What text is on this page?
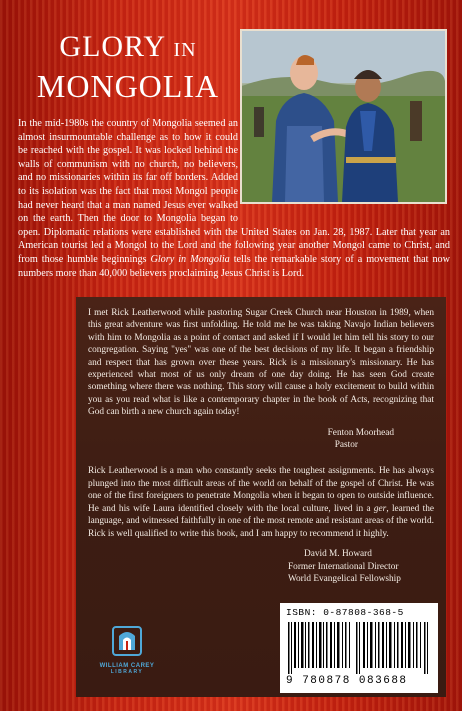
GLORY IN
MONGOLIA
In the mid-1980s the country of Mongolia seemed an almost insurmountable challenge as to how it could be reached with the gospel. It was locked behind the walls of communism with no church, no believers, and no missionaries within its far off borders. Added to its isolation was the fact that most Mongol people had never heard that a man named Jesus ever walked on the earth. Then the door to Mongolia began to open. Diplomatic relations were established with the United States on Jan. 28, 1987. Later that year an American tourist led a Mongol to the Lord and the following year another Mongol came to Christ, and from those humble beginnings Glory in Mongolia tells the remarkable story of a movement that now numbers more than 40,000 believers proclaiming Jesus Christ is Lord.

I met Rick Leatherwood while pastoring Sugar Creek Church near Houston in 1989, when this great adventure was first unfolding. He told me he was taking Navajo Indian believers with him to Mongolia as a point of contact and asked if I would let him tell his story to our congregation. Saying "yes" was one of the best decisions of my life. It began a friendship and respect that has grown over these years. Rick is a missionary's missionary. He has experienced what most of us only dream of one day doing. He has seen God create something where there was nothing. This story will cause a holy excitement to build within you as you read what is like a contemporary chapter in the book of Acts, recognizing that God can birth a new church again today!

Fenton Moorhead
Pastor

Rick Leatherwood is a man who constantly seeks the toughest assignments. He has always plunged into the most difficult areas of the world on behalf of the gospel of Christ. He was one of the first foreigners to penetrate Mongolia when it began to open to outside influence. He and his wife Laura identified closely with the local culture, lived in a ger, learned the language, and witnessed faithfully in one of the most remote and resistant areas of the world. Rick is well qualified to write this book, and I am happy to recommend it highly.

David M. Howard
Former International Director
World Evangelical Fellowship
WILLIAM CAREY
LIBRARY
ISBN: 0-87808-368-5
9 780878 083688
